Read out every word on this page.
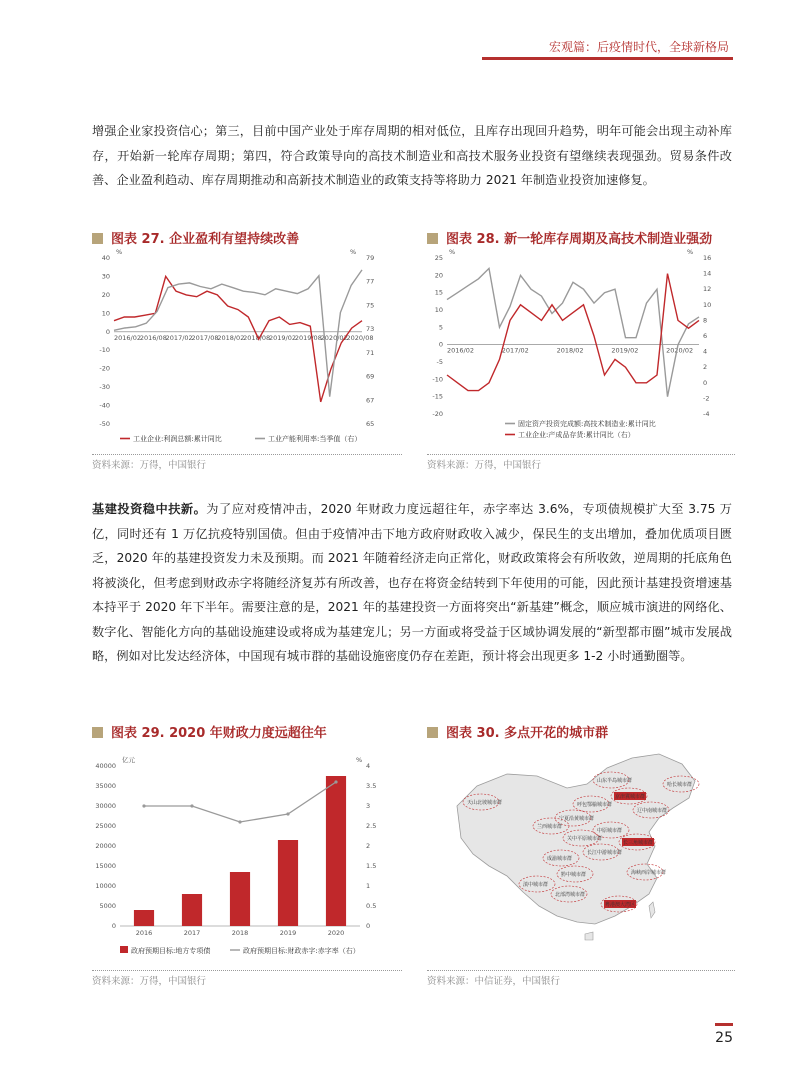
宏观篇：后疫情时代，全球新格局
增强企业家投资信心；第三，目前中国产业处于库存周期的相对低位，且库存出现回升趋势，明年可能会出现主动补库存，开始新一轮库存周期；第四，符合政策导向的高技术制造业和高技术服务业投资有望继续表现强劲。贸易条件改善、企业盈利趋动、库存周期推动和高新技术制造业的政策支持等将助力 2021 年制造业投资加速修复。
图表 27. 企业盈利有望持续改善
%	%
40
30
20
10
0
-10
-20
-30
-40
-50
79
77
75
73
71
69
67
65
2016/02
2016/08
2017/02
2017/08
2018/02
2018/08
2019/02
2019/08
2020/02
2020/08
工业企业:利润总额:累计同比	工业产能利用率:当季值（右）
资料来源：万得，中国银行
图表 28. 新一轮库存周期及高技术制造业强劲
%	%
25
20
15
10
5
0
-5
-10
-15
-20
16
14
12
10
8
6
4
2
0
-2
-4
2016/02	2017/02	2018/02	2019/02	2020/02
固定资产投资完成额:高技术制造业:累计同比
工业企业:产成品存货:累计同比（右）
资料来源：万得，中国银行
基建投资稳中扶新。为了应对疫情冲击，2020 年财政力度远超往年，赤字率达 3.6%，专项债规模扩大至 3.75 万亿，同时还有 1 万亿抗疫特别国债。但由于疫情冲击下地方政府财政收入减少，保民生的支出增加，叠加优质项目匮乏，2020 年的基建投资发力未及预期。而 2021 年随着经济走向正常化，财政政策将会有所收敛，逆周期的托底角色将被淡化，但考虑到财政赤字将随经济复苏有所改善，也存在将资金结转到下年使用的可能，因此预计基建投资增速基本持平于 2020 年下半年。需要注意的是，2021 年的基建投资一方面将突出“新基建”概念，顺应城市演进的网络化、数字化、智能化方向的基础设施建设或将成为基建宠儿；另一方面或将受益于区域协调发展的“新型都市圈”城市发展战略，例如对比发达经济体，中国现有城市群的基础设施密度仍存在差距，预计将会出现更多 1-2 小时通勤圈等。
图表 29. 2020 年财政力度远超往年
亿元	%
40000
35000
30000
25000
20000
15000
10000
5000
0
4
3.5
3
2.5
2
1.5
1
0.5
0
2016	2017	2018	2019	2020
政府预期目标:地方专项债	政府预期目标:财政赤字:赤字率（右）
资料来源：万得，中国银行
图表 30. 多点开花的城市群
天山北坡城市群
山东半岛城市群
哈长城市群
京津冀城市群
呼包鄂榆城市群
辽中南城市群
宁夏沿黄城市群
兰西城市群
中原城市群
关中平原城市群
长三角城市群
长江中游城市群
成渝城市群
黔中城市群
北部湾城市群
粤港澳大湾区
海峡西岸城市群
滇中城市群
资料来源：中信证券，中国银行
25
